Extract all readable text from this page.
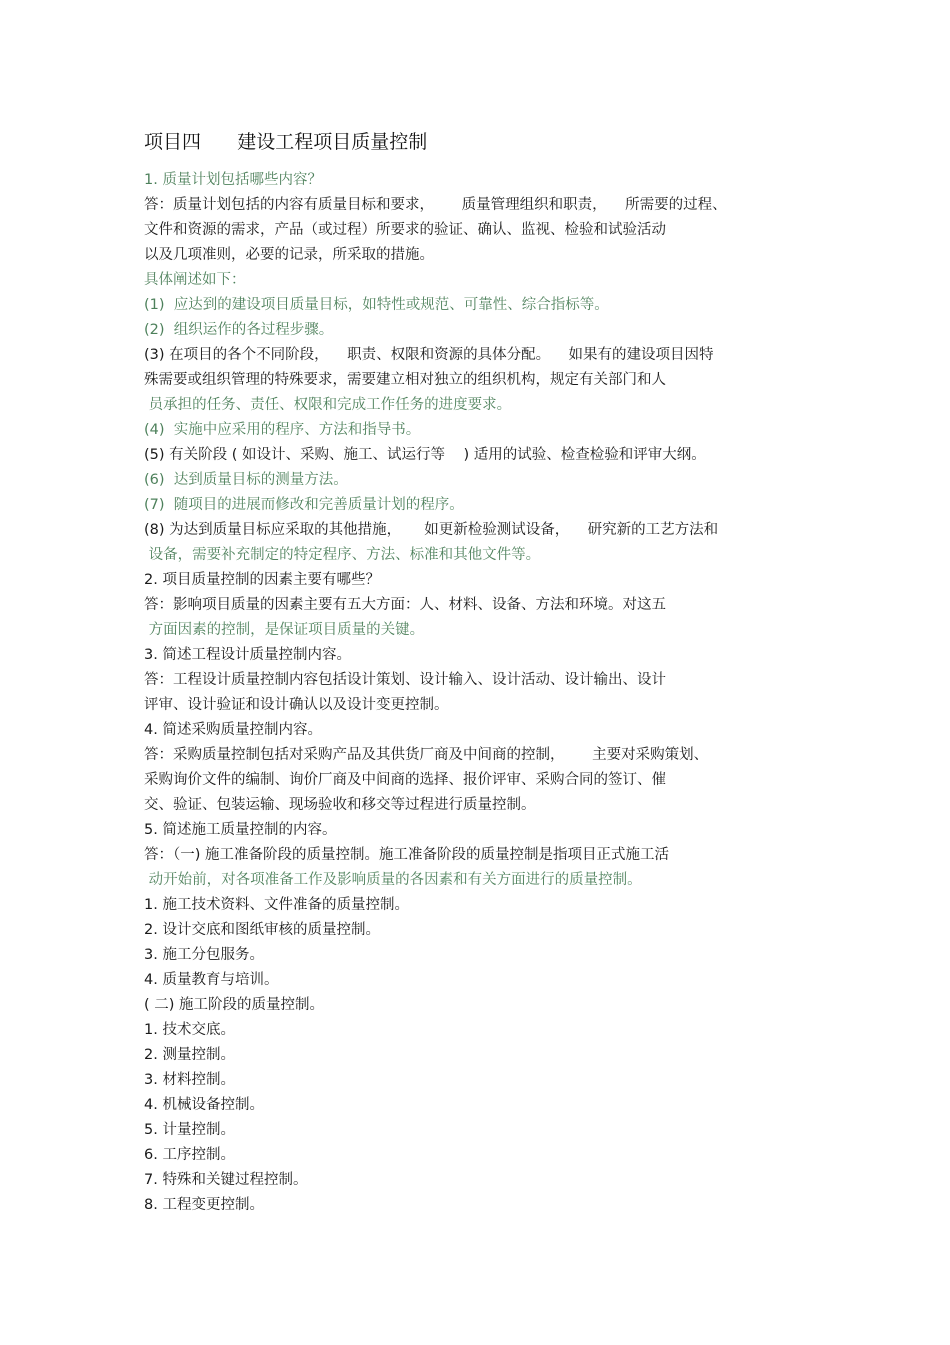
项目四      建设工程项目质量控制
1. 质量计划包括哪些内容？
答：质量计划包括的内容有质量目标和要求，      质量管理组织和职责，    所需要的过程、
文件和资源的需求，产品（或过程）所要求的验证、确认、监视、检验和试验活动
以及几项准则，必要的记录，所采取的措施。
具体阐述如下：
(1)  应达到的建设项目质量目标，如特性或规范、可靠性、综合指标等。
(2)  组织运作的各过程步骤。
(3) 在项目的各个不同阶段，    职责、权限和资源的具体分配。    如果有的建设项目因特
殊需要或组织管理的特殊要求，需要建立相对独立的组织机构，规定有关部门和人
员承担的任务、责任、权限和完成工作任务的进度要求。
(4)  实施中应采用的程序、方法和指导书。
(5) 有关阶段 ( 如设计、采购、施工、试运行等    ) 适用的试验、检查检验和评审大纲。
(6)  达到质量目标的测量方法。
(7)  随项目的进展而修改和完善质量计划的程序。
(8) 为达到质量目标应采取的其他措施，     如更新检验测试设备，    研究新的工艺方法和
设备，需要补充制定的特定程序、方法、标准和其他文件等。
2. 项目质量控制的因素主要有哪些？
答：影响项目质量的因素主要有五大方面：人、材料、设备、方法和环境。对这五
方面因素的控制，是保证项目质量的关键。
3. 简述工程设计质量控制内容。
答：工程设计质量控制内容包括设计策划、设计输入、设计活动、设计输出、设计
评审、设计验证和设计确认以及设计变更控制。
4. 简述采购质量控制内容。
答：采购质量控制包括对采购产品及其供货厂商及中间商的控制，      主要对采购策划、
采购询价文件的编制、询价厂商及中间商的选择、报价评审、采购合同的签订、催
交、验证、包装运输、现场验收和移交等过程进行质量控制。
5. 简述施工质量控制的内容。
答：（一) 施工准备阶段的质量控制。施工准备阶段的质量控制是指项目正式施工活
动开始前，对各项准备工作及影响质量的各因素和有关方面进行的质量控制。
1. 施工技术资料、文件准备的质量控制。
2. 设计交底和图纸审核的质量控制。
3. 施工分包服务。
4. 质量教育与培训。
( 二) 施工阶段的质量控制。
1. 技术交底。
2. 测量控制。
3. 材料控制。
4. 机械设备控制。
5. 计量控制。
6. 工序控制。
7. 特殊和关键过程控制。
8. 工程变更控制。
